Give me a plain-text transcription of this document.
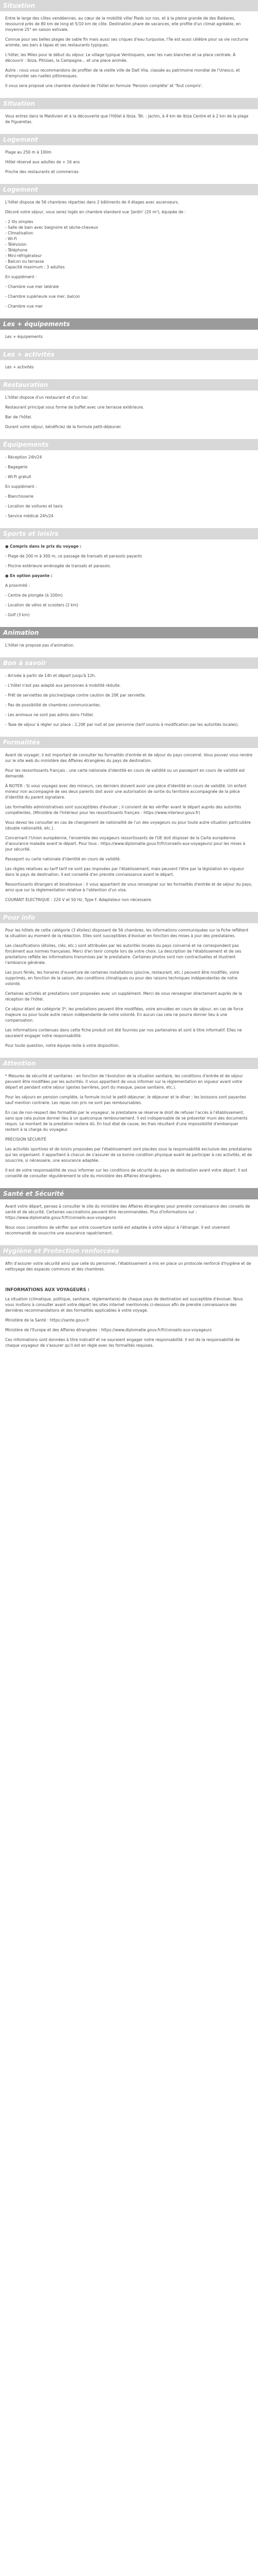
Situation

Entre le large des côtes vendéennes, au cœur de la mobilité ville/ Pieds sur nos, et à la pleine grande de des Baléares, ressourcé près de 80 km de long et 5/10 km de côte. Destination phare de vacances, elle profite d'un climat agréable, en moyenne 25° en saison estivale.

Connue pour ses belles plages de sable fin mais aussi ses criques d'eau turquoise, l'île est aussi célèbre pour sa vie nocturne animée, ses bars à tapas et ses restaurants typiques.

L'hôtel, les Miles pour le début du séjour. Le village typique Ventisquero, avec les rues blanches et sa place centrale. À découvrir : Ibiza, Pitiüses, la Campagne... et une place animée.

Autre : nous vous recommandons de profiter de la vieille ville de Dalt Vila, classée au patrimoine mondial de l'Unesco, et d'emprunter ses ruelles pittoresques.

Il vous sera proposé une chambre standard de l'hôtel en formule 'Pension complète' et 'Tout compris'.

Situation

Vous entrez dans le Maldivien et à la découverte que l'Hôtel à Ibiza. Tél. : Jachin, à 4 km de Ibiza Centre et à 2 km de la plage de Figueretas.

Logement

Plage au 250 m à 100m

Hôtel réservé aux adultes de + 16 ans

Proche des restaurants et commerces

Logement

L'hôtel dispose de 56 chambres réparties dans 2 bâtiments de 4 étages avec ascenseurs.

Décoré votre séjour, vous serez logés en chambre standard vue 'Jardin' (20 m²), équipée de :

- 2 lits simples
- Salle de bain avec baignoire et sèche-cheveux
- Climatisation
- Wi-Fi
- Télévision
- Téléphone
- Mini-réfrigérateur
- Balcon ou terrasse

Capacité maximum : 3 adultes

En supplément :

- Chambre vue mer latérale

- Chambre supérieure vue mer, balcon

- Chambre vue mer

Les + équipements

Les + équipements

Les + activités

Les + activités

Restauration

L'hôtel dispose d'un restaurant et d'un bar.

Restaurant principal sous forme de buffet avec une terrasse extérieure.

Bar de l'hôtel.

Durant votre séjour, bénéficiez de la formule petit-déjeuner.

Équipements

- Réception 24h/24

- Bagagerie

- Wi-Fi gratuit

En supplément :

- Blanchisserie

- Location de voitures et taxis

- Service médical 24h/24

Sports et loisirs

● Compris dans le prix du voyage :

- Plage de 200 m à 300 m, ce passage de transats et parasols payants

- Piscine extérieure aménagée de transats et parasols.

● En option payante :

A proximité :

- Centre de plongée (à 100m)

- Location de vélos et scooters (2 km)

- Golf (3 km)

Animation

L'hôtel ne propose pas d'animation.

Bon à savoir

- Arrivée à partir de 14h et départ jusqu'à 12h.

- L'hôtel n'est pas adapté aux personnes à mobilité réduite.

- Prêt de serviettes de piscine/plage contre caution de 20€ par serviette.

- Pas de possibilité de chambres communicantes.

- Les animaux ne sont pas admis dans l'hôtel.

- Taxe de séjour à régler sur place : 2,20€ par nuit et par personne (tarif soumis à modification par les autorités locales).

Formalités

Avant de voyager, il est important de consulter les formalités d'entrée et de séjour du pays concerné. Vous pouvez vous rendre sur le site web du ministère des Affaires étrangères du pays de destination.

Pour les ressortissants français : une carte nationale d'identité en cours de validité ou un passeport en cours de validité est demandé.

À NOTER : Si vous voyagez avec des mineurs, ces derniers doivent avoir une pièce d'identité en cours de validité. Un enfant mineur non accompagné de ses deux parents doit avoir une autorisation de sortie du territoire accompagnée de la pièce d'identité du parent signataire.

Les formalités administratives sont susceptibles d'évoluer ; il convient de les vérifier avant le départ auprès des autorités compétentes. (Ministère de l'Intérieur pour les ressortissants français : https://www.interieur.gouv.fr)

Vous devez les consulter en cas de changement de nationalité de l'un des voyageurs ou pour toute autre situation particulière (double nationalité, etc.).

Concernant l'Union européenne, l'ensemble des voyageurs ressortissants de l'UE doit disposer de la Carte européenne d'assurance maladie avant le départ. Pour tous : https://www.diplomatie.gouv.fr/fr/conseils-aux-voyageurs/ pour les mises à jour sécurité.

Passeport ou carte nationale d'identité en cours de validité.

Les règles relatives au tarif tarif ne sont pas imposées par l'établissement, mais peuvent l'être par la législation en vigueur dans le pays de destination. Il est conseillé d'en prendre connaissance avant le départ.

Ressortissants étrangers et binationaux : il vous appartient de vous renseigner sur les formalités d'entrée et de séjour du pays, ainsi que sur la réglementation relative à l'obtention d'un visa.

COURANT ÉLECTRIQUE : 220 V et 50 Hz. Type F. Adaptateur non nécessaire.

Pour info

Pour les hôtels de cette catégorie (3 étoiles) disposant de 56 chambres, les informations communiquées sur la fiche reflètent la situation au moment de la rédaction. Elles sont susceptibles d'évoluer en fonction des mises à jour des prestataires.

Les classifications (étoiles, clés, etc.) sont attribuées par les autorités locales du pays concerné et ne correspondent pas forcément aux normes françaises. Merci d'en tenir compte lors de votre choix. La description de l'établissement et de ses prestations reflète les informations transmises par le prestataire. Certaines photos sont non contractuelles et illustrent l'ambiance générale.

Les jours fériés, les horaires d'ouverture de certaines installations (piscine, restaurant, etc.) peuvent être modifiés, voire supprimés, en fonction de la saison, des conditions climatiques ou pour des raisons techniques indépendantes de notre volonté.

Certaines activités et prestations sont proposées avec un supplément. Merci de vous renseigner directement auprès de la réception de l'hôtel.

Ce séjour étant de catégorie 3*, les prestations peuvent être modifiées, voire annulées en cours de séjour, en cas de force majeure ou pour toute autre raison indépendante de notre volonté. En aucun cas cela ne pourra donner lieu à une compensation.

Les informations contenues dans cette fiche produit ont été fournies par nos partenaires et sont à titre informatif. Elles ne sauraient engager notre responsabilité.

Pour toute question, notre équipe reste à votre disposition.

Attention

* Mesures de sécurité et sanitaires : en fonction de l'évolution de la situation sanitaire, les conditions d'entrée et de séjour peuvent être modifiées par les autorités. Il vous appartient de vous informer sur la réglementation en vigueur avant votre départ et pendant votre séjour (gestes barrières, port du masque, passe sanitaire, etc.).

Pour les séjours en pension complète, la formule inclut le petit-déjeuner, le déjeuner et le dîner ; les boissons sont payantes sauf mention contraire. Les repas non pris ne sont pas remboursables.

En cas de non-respect des formalités par le voyageur, le prestataire se réserve le droit de refuser l'accès à l'établissement, sans que cela puisse donner lieu à un quelconque remboursement. Il est indispensable de se présenter muni des documents requis. Le montant de la prestation restera dû. En tout état de cause, les frais résultant d'une impossibilité d'embarquer restent à la charge du voyageur.

PRÉCISION SÉCURITÉ

Les activités sportives et de loisirs proposées par l'établissement sont placées sous la responsabilité exclusive des prestataires qui les organisent. Il appartient à chacun de s'assurer de sa bonne condition physique avant de participer à ces activités, et de souscrire, si nécessaire, une assurance adaptée.

Il est de votre responsabilité de vous informer sur les conditions de sécurité du pays de destination avant votre départ. Il est conseillé de consulter régulièrement le site du ministère des Affaires étrangères.

Santé et Sécurité

Avant votre départ, pensez à consulter le site du ministère des Affaires étrangères pour prendre connaissance des conseils de santé et de sécurité. Certaines vaccinations peuvent être recommandées. Plus d'informations sur : https://www.diplomatie.gouv.fr/fr/conseils-aux-voyageurs

Nous vous conseillons de vérifier que votre couverture santé est adaptée à votre séjour à l'étranger. Il est vivement recommandé de souscrire une assurance rapatriement.

Hygiène et Protection renforcées

Afin d'assurer votre sécurité ainsi que celle du personnel, l'établissement a mis en place un protocole renforcé d'hygiène et de nettoyage des espaces communs et des chambres.

INFORMATIONS AUX VOYAGEURS :

La situation (climatique, politique, sanitaire, réglementaire) de chaque pays de destination est susceptible d'évoluer. Nous vous invitons à consulter avant votre départ les sites internet mentionnés ci-dessous afin de prendre connaissance des dernières recommandations et des formalités applicables à votre voyage.

Ministère de la Santé : https://sante.gouv.fr

Ministère de l'Europe et des Affaires étrangères : https://www.diplomatie.gouv.fr/fr/conseils-aux-voyageurs

Ces informations sont données à titre indicatif et ne sauraient engager notre responsabilité. Il est de la responsabilité de chaque voyageur de s'assurer qu'il est en règle avec les formalités requises.
